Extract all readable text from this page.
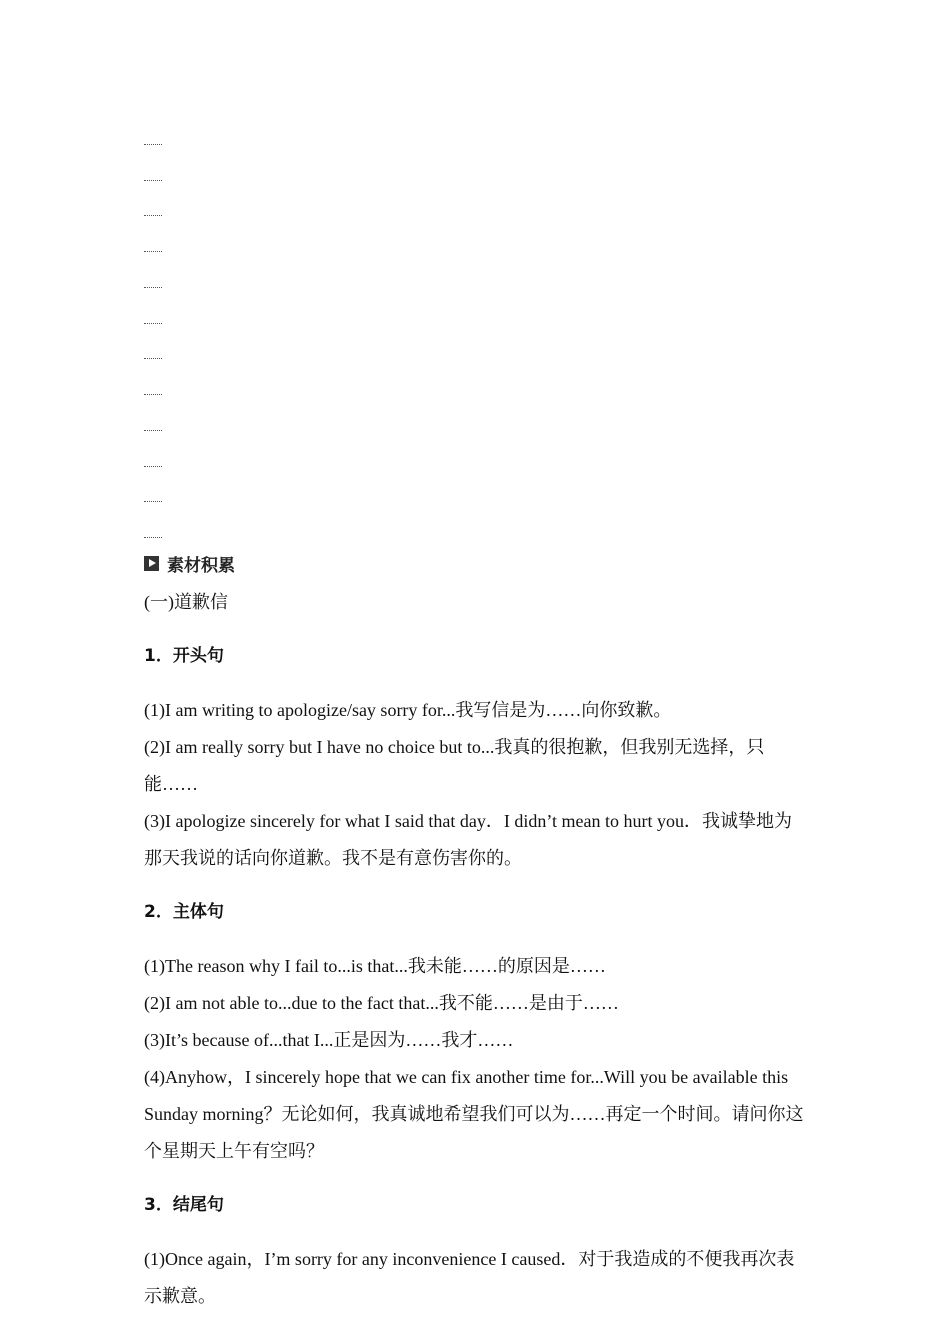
素材积累

(一)道歉信

1．开头句

(1)I am writing to apologize/say sorry for...我写信是为……向你致歉。

(2)I am really sorry but I have no choice but to...我真的很抱歉，但我别无选择，只能……

(3)I apologize sincerely for what I said that day．I didn’t mean to hurt you．我诚挚地为那天我说的话向你道歉。我不是有意伤害你的。

2．主体句

(1)The reason why I fail to...is that...我未能……的原因是……

(2)I am not able to...due to the fact that...我不能……是由于……

(3)It’s because of...that I...正是因为……我才……

(4)Anyhow，I sincerely hope that we can fix another time for...Will you be available this Sunday morning？无论如何，我真诚地希望我们可以为……再定一个时间。请问你这个星期天上午有空吗？

3．结尾句

(1)Once again，I’m sorry for any inconvenience I caused．对于我造成的不便我再次表示歉意。
